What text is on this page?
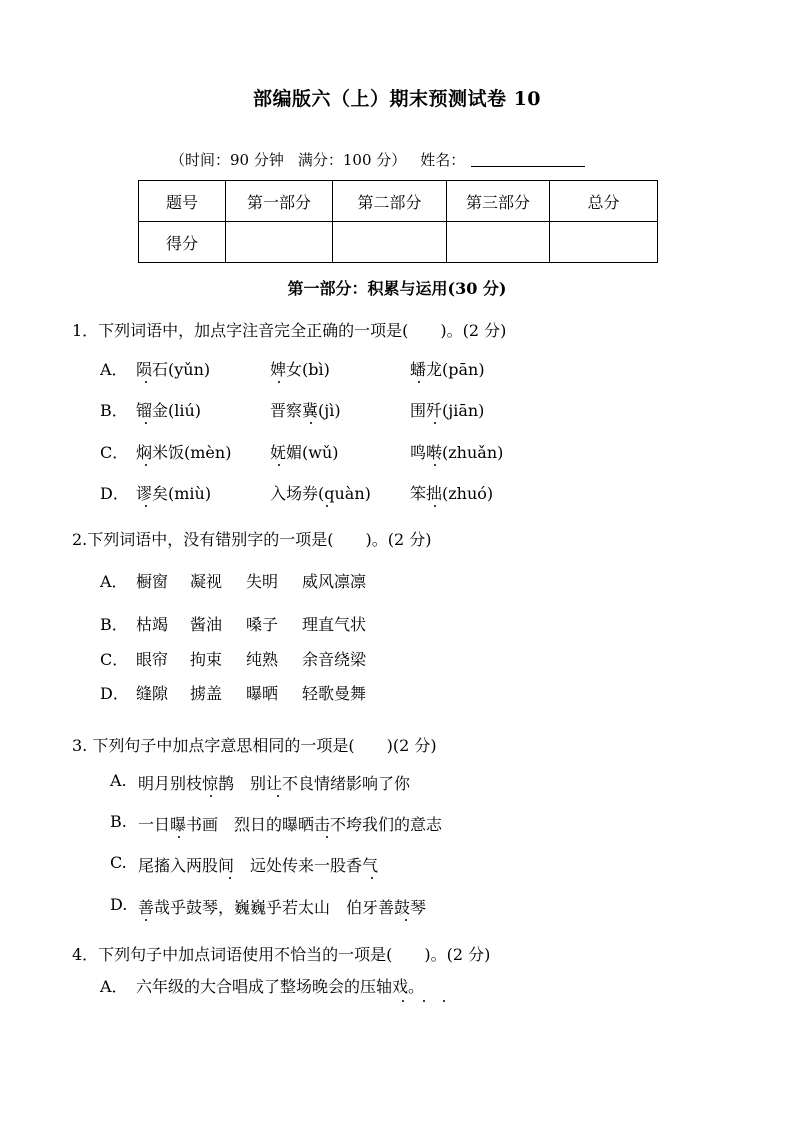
部编版六（上）期末预测试卷 10
（时间：90 分钟 满分：100 分） 姓名：
题号	第一部分	第二部分	第三部分	总分
得分				
第一部分：积累与运用(30 分)
1．下列词语中，加点字注音完全正确的一项是(　　)。(2 分)
A． 陨石(yǔn)	婢女(bì)	蟠龙(pān)
B． 镏金(liú)	晋察冀(jì)	围歼(jiān)
C． 焖米饭(mèn) 妩媚(wǔ)	鸣啭(zhuǎn)
D． 谬矣(miù)	入场券(quàn) 笨拙(zhuó)
2.下列词语中，没有错别字的一项是(　　)。(2 分)
A． 橱窗 凝视 失明 威风凛凛
B． 枯竭 酱油 嗓子 理直气状
C． 眼帘 拘束 纯熟 余音绕梁
D． 缝隙 掳盖 曝晒 轻歌曼舞
3. 下列句子中加点字意思相同的一项是(　　)(2 分)
A. 明月别枝惊鹊　别让不良情绪影响了你
B. 一日曝书画　烈日的曝晒击不垮我们的意志
C. 尾搐入两股间　远处传来一股香气
D. 善哉乎鼓琴，巍巍乎若太山　伯牙善鼓琴
4．下列句子中加点词语使用不恰当的一项是(　　)。(2 分)
A． 六年级的大合唱成了整场晚会的压轴戏。
